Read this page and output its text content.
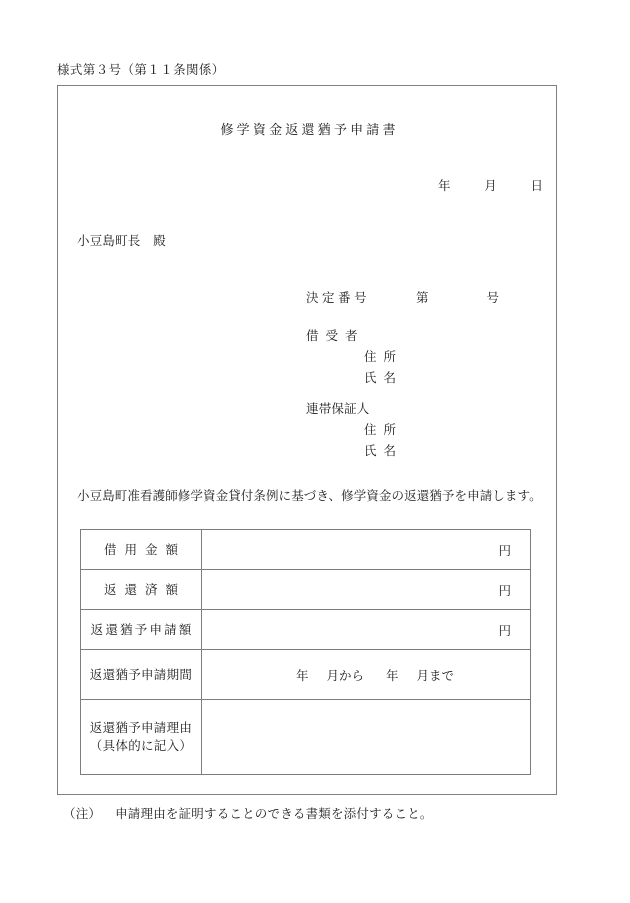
様式第３号（第１１条関係）
修学資金返還猶予申請書
年	月	日
小豆島町長　殿
決定番号	第	号
借受者
住所
氏名
連帯保証人
住所
氏名
小豆島町准看護師修学資金貸付条例に基づき、修学資金の返還猶予を申請します。
借用金額	円

返還済額	円

返還猶予申請額	円

返還猶予申請期間	年 月から 年 月まで

返還猶予申請理由
（具体的に記入）	

（注） 申請理由を証明することのできる書類を添付すること。
